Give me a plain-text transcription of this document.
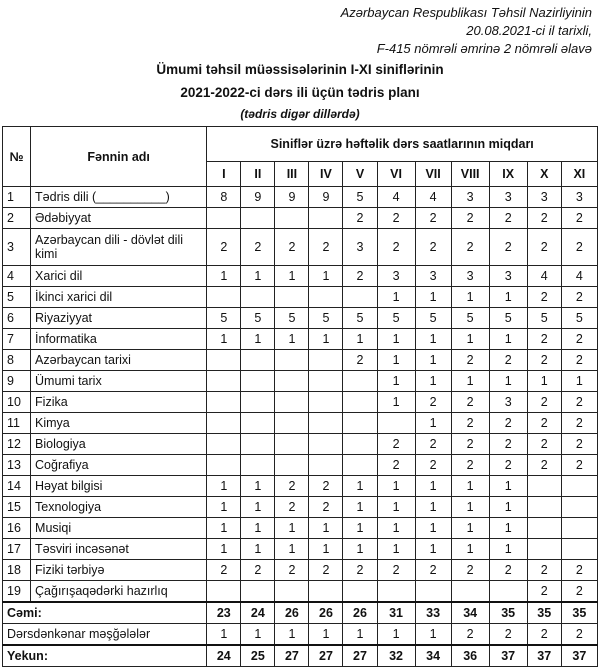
Azərbaycan Respublikası Təhsil Nazirliyinin
20.08.2021-ci il tarixli,
F-415 nömrəli əmrinə 2 nömrəli əlavə
Ümumi təhsil müəssisələrinin I-XI siniflərinin
2021-2022-ci dərs ili üçün tədris planı
(tədris digər dillərdə)
№	Fənnin adı	Siniflər üzrə həftəlik dərs saatlarının miqdarı										
		I	II	III	IV	V	VI	VII	VIII	IX	X	XI
1	Tədris dili (__________)	8	9	9	9	5	4	4	3	3	3	3
2	Ədəbiyyat					2	2	2	2	2	2	2
3	Azərbaycan dili - dövlət dili kimi	2	2	2	2	3	2	2	2	2	2	2
4	Xarici dil	1	1	1	1	2	3	3	3	3	4	4
5	İkinci xarici dil						1	1	1	1	2	2
6	Riyaziyyat	5	5	5	5	5	5	5	5	5	5	5
7	İnformatika	1	1	1	1	1	1	1	1	1	2	2
8	Azərbaycan tarixi					2	1	1	2	2	2	2
9	Ümumi tarix						1	1	1	1	1	1
10	Fizika						1	2	2	3	2	2
11	Kimya							1	2	2	2	2
12	Biologiya						2	2	2	2	2	2
13	Coğrafiya						2	2	2	2	2	2
14	Həyat bilgisi	1	1	2	2	1	1	1	1	1		
15	Texnologiya	1	1	2	2	1	1	1	1	1		
16	Musiqi	1	1	1	1	1	1	1	1	1		
17	Təsviri incəsənət	1	1	1	1	1	1	1	1	1		
18	Fiziki tərbiyə	2	2	2	2	2	2	2	2	2	2	2
19	Çağırışaqədərki hazırlıq										2	2
Cəmi:		23	24	26	26	26	31	33	34	35	35	35
Dərsdənkənar məşğələlər		1	1	1	1	1	1	1	2	2	2	2
Yekun:		24	25	27	27	27	32	34	36	37	37	37
